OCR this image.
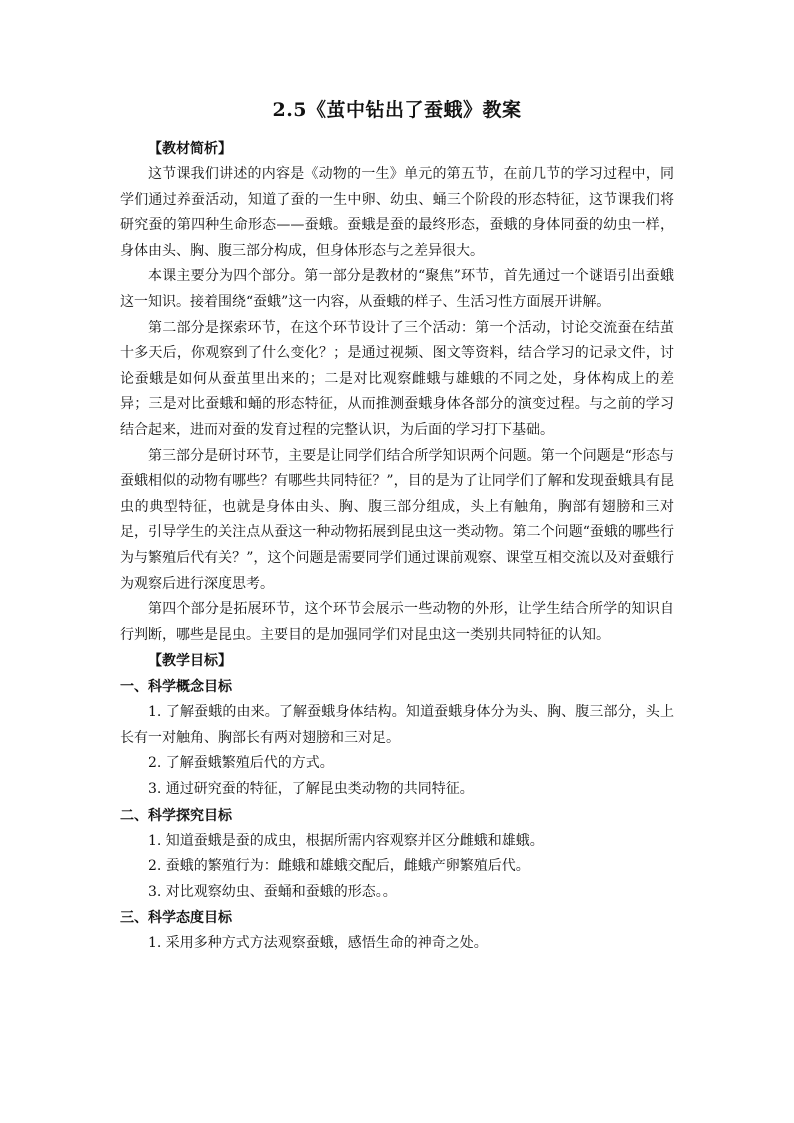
2.5《茧中钻出了蚕蛾》教案
【教材简析】

这节课我们讲述的内容是《动物的一生》单元的第五节，在前几节的学习过程中，同学们通过养蚕活动，知道了蚕的一生中卵、幼虫、蛹三个阶段的形态特征，这节课我们将研究蚕的第四种生命形态——蚕蛾。蚕蛾是蚕的最终形态，蚕蛾的身体同蚕的幼虫一样，身体由头、胸、腹三部分构成，但身体形态与之差异很大。

本课主要分为四个部分。第一部分是教材的“聚焦”环节，首先通过一个谜语引出蚕蛾这一知识。接着围绕“蚕蛾”这一内容，从蚕蛾的样子、生活习性方面展开讲解。

第二部分是探索环节，在这个环节设计了三个活动：第一个活动，讨论交流蚕在结茧十多天后，你观察到了什么变化？；是通过视频、图文等资料，结合学习的记录文件，讨论蚕蛾是如何从蚕茧里出来的；二是对比观察雌蛾与雄蛾的不同之处，身体构成上的差异；三是对比蚕蛾和蛹的形态特征，从而推测蚕蛾身体各部分的演变过程。与之前的学习结合起来，进而对蚕的发育过程的完整认识，为后面的学习打下基础。

第三部分是研讨环节，主要是让同学们结合所学知识两个问题。第一个问题是“形态与蚕蛾相似的动物有哪些？有哪些共同特征？”，目的是为了让同学们了解和发现蚕蛾具有昆虫的典型特征，也就是身体由头、胸、腹三部分组成，头上有触角，胸部有翅膀和三对足，引导学生的关注点从蚕这一种动物拓展到昆虫这一类动物。第二个问题“蚕蛾的哪些行为与繁殖后代有关？”，这个问题是需要同学们通过课前观察、课堂互相交流以及对蚕蛾行为观察后进行深度思考。

第四个部分是拓展环节，这个环节会展示一些动物的外形，让学生结合所学的知识自行判断，哪些是昆虫。主要目的是加强同学们对昆虫这一类别共同特征的认知。

【教学目标】
一、科学概念目标

1. 了解蚕蛾的由来。了解蚕蛾身体结构。知道蚕蛾身体分为头、胸、腹三部分，头上长有一对触角、胸部长有两对翅膀和三对足。

2. 了解蚕蛾繁殖后代的方式。

3. 通过研究蚕的特征，了解昆虫类动物的共同特征。

二、科学探究目标

1. 知道蚕蛾是蚕的成虫，根据所需内容观察并区分雌蛾和雄蛾。

2. 蚕蛾的繁殖行为：雌蛾和雄蛾交配后，雌蛾产卵繁殖后代。

3. 对比观察幼虫、蚕蛹和蚕蛾的形态。。

三、科学态度目标

1. 采用多种方式方法观察蚕蛾，感悟生命的神奇之处。
